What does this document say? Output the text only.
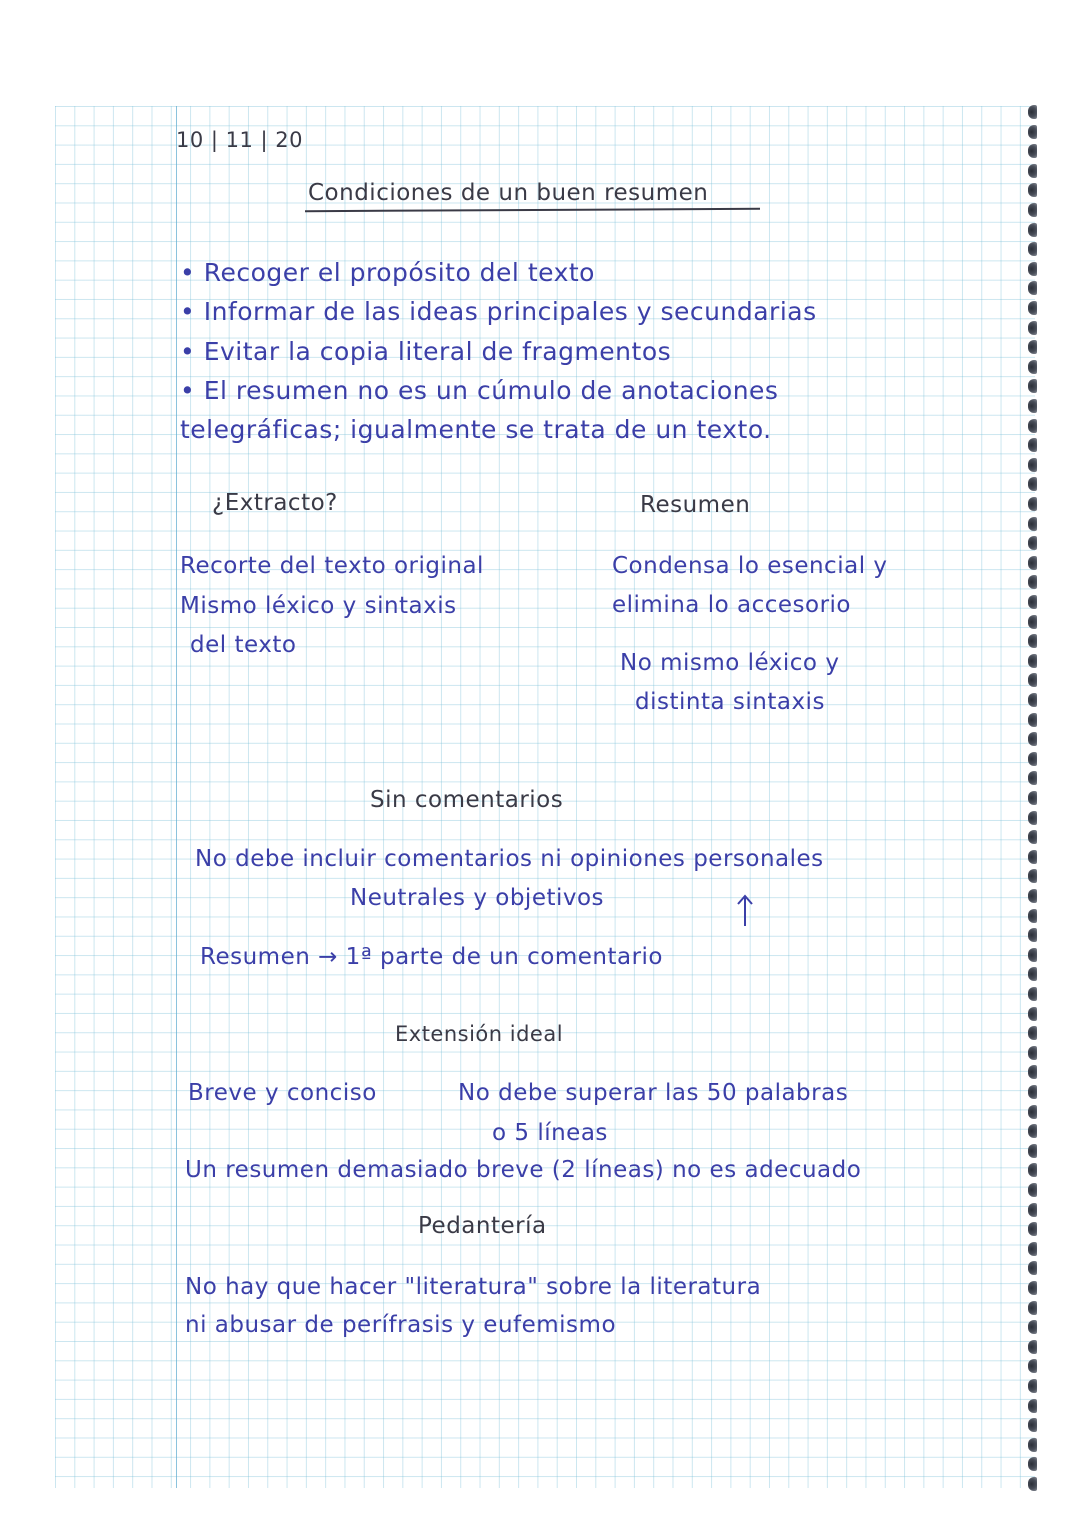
10 | 11 | 20
Condiciones de un buen resumen
• Recoger el propósito del texto
• Informar de las ideas principales y secundarias
• Evitar la copia literal de fragmentos
• El resumen no es un cúmulo de anotaciones
telegráficas; igualmente se trata de un texto.
¿Extracto?	Resumen
Recorte del texto original
Mismo léxico y sintaxis
del texto
Condensa lo esencial y
elimina lo accesorio
No mismo léxico y
distinta sintaxis
Sin comentarios
No debe incluir comentarios ni opiniones personales
Neutrales y objetivos
Resumen → 1ª parte de un comentario
Extensión ideal
Breve y conciso	No debe superar las 50 palabras
o 5 líneas
Un resumen demasiado breve (2 líneas) no es adecuado
Pedantería
No hay que hacer "literatura" sobre la literatura
ni abusar de perífrasis y eufemismo
